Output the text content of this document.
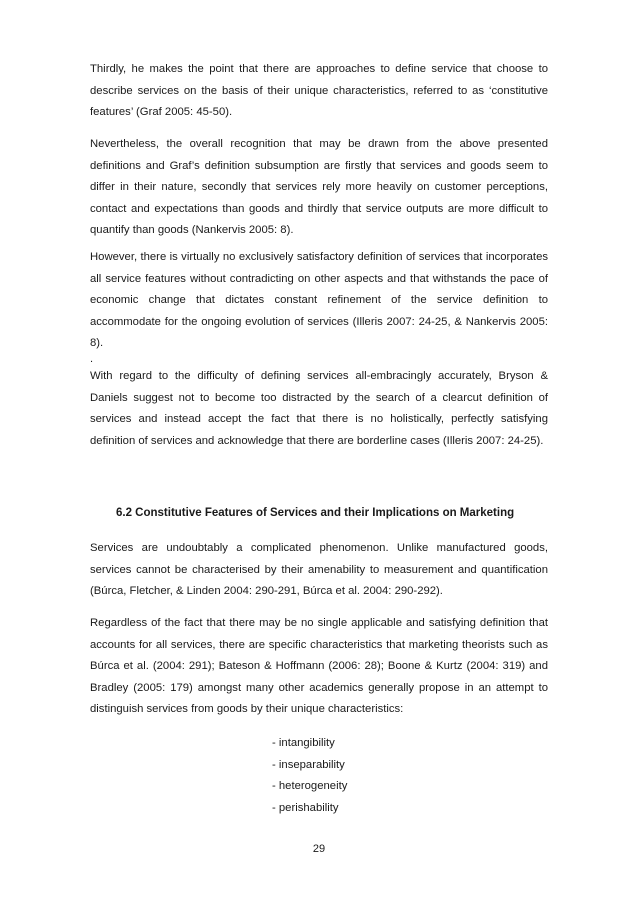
Thirdly, he makes the point that there are approaches to define service that choose to describe services on the basis of their unique characteristics, referred to as ‘constitutive features’ (Graf 2005: 45-50).

Nevertheless, the overall recognition that may be drawn from the above presented definitions and Graf’s definition subsumption are firstly that services and goods seem to differ in their nature, secondly that services rely more heavily on customer perceptions, contact and expectations than goods and thirdly that service outputs are more difficult to quantify than goods (Nankervis 2005: 8).

However, there is virtually no exclusively satisfactory definition of services that incorporates all service features without contradicting on other aspects and that withstands the pace of economic change that dictates constant refinement of the service definition to accommodate for the ongoing evolution of services (Illeris 2007: 24-25, & Nankervis 2005: 8).

.

With regard to the difficulty of defining services all-embracingly accurately, Bryson & Daniels suggest not to become too distracted by the search of a clearcut definition of services and instead accept the fact that there is no holistically, perfectly satisfying definition of services and acknowledge that there are borderline cases (Illeris 2007: 24-25).

6.2 Constitutive Features of Services and their Implications on Marketing

Services are undoubtably a complicated phenomenon. Unlike manufactured goods, services cannot be characterised by their amenability to measurement and quantification (Búrca, Fletcher, & Linden 2004: 290-291, Búrca et al. 2004: 290-292).

Regardless of the fact that there may be no single applicable and satisfying definition that accounts for all services, there are specific characteristics that marketing theorists such as Búrca et al. (2004: 291); Bateson & Hoffmann (2006: 28); Boone & Kurtz (2004: 319) and Bradley (2005: 179) amongst many other academics generally propose in an attempt to distinguish services from goods by their unique characteristics:

- intangibility
- inseparability
- heterogeneity
- perishability

29
